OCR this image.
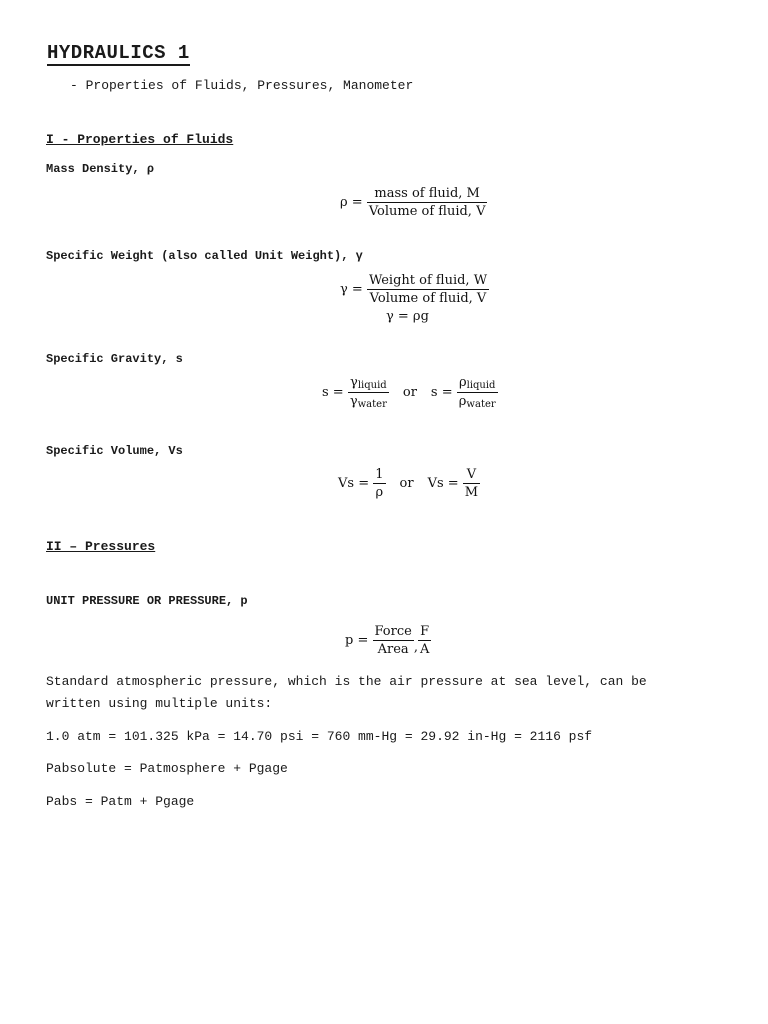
HYDRAULICS 1
- Properties of Fluids, Pressures, Manometer
I - Properties of Fluids
Mass Density, ρ
ρ =
$\frac{\text{mass of fluid, M}}{\text{Volume of fluid, V}}$
Specific Weight (also called Unit Weight), γ
γ =
$\frac{\text{Weight of fluid, W}}{\text{Volume of fluid, V}}$
γ = ρg
Specific Gravity, s
s =
$\frac{\gamma_{liquid}}{\gamma_{water}}$ or s =
$\frac{\rho_{liquid}}{\rho_{water}}$
Specific Volume, Vs
Vs =
$\frac{1}{\rho}$ or Vs =
$\frac{V}{M}$
II – Pressures
UNIT PRESSURE OR PRESSURE, p
p =
$\frac{\text{Force}}{\text{Area}}$ , $\frac{F}{A}$
Standard atmospheric pressure, which is the air pressure at sea level, can be
written using multiple units:
1.0 atm = 101.325 kPa = 14.70 psi = 760 mm-Hg = 29.92 in-Hg = 2116 psf
Pabsolute = Patmosphere + Pgage
Pabs = Patm + Pgage
